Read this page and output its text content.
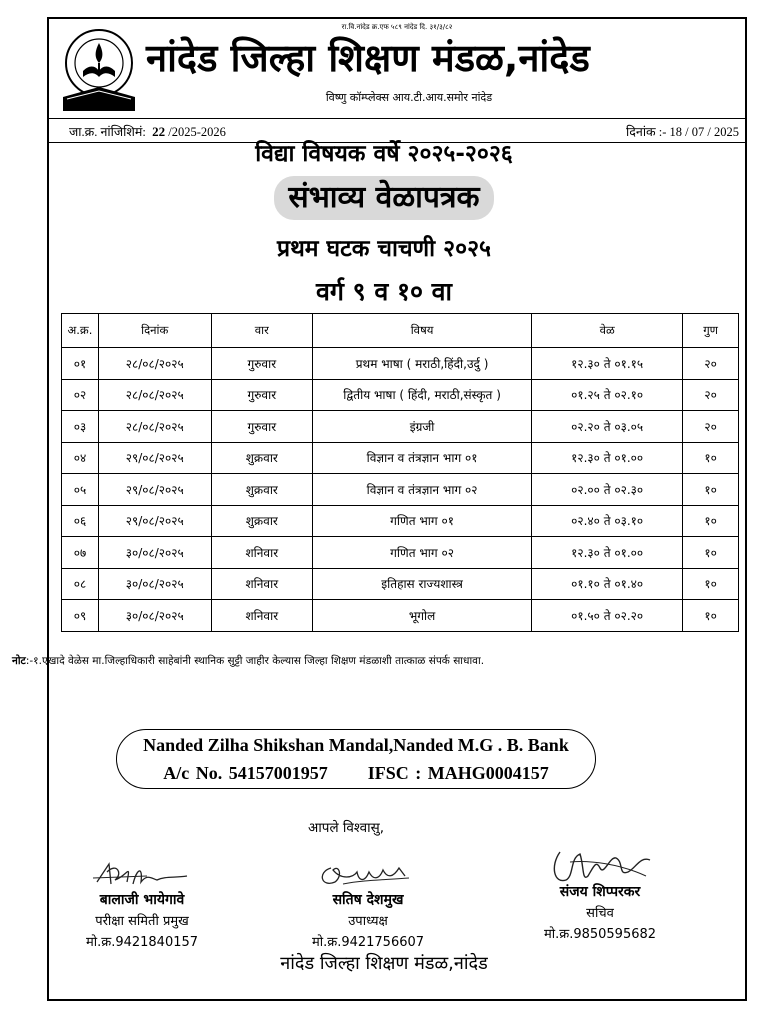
रा.वि.नांदेड क्र.एफ ५८९ नांदेड दि. ३१/३/८२
नांदेड जिल्हा शिक्षण मंडळ,नांदेड
विष्णु कॉम्प्लेक्स आय.टी.आय.समोर नांदेड
जा.क्र. नांजिशिमं: 22 /2025-2026	दिनांक :- 18 / 07 / 2025
विद्या विषयक वर्षे २०२५-२०२६
संभाव्य वेळापत्रक
प्रथम घटक चाचणी २०२५
वर्ग ९ व १० वा
अ.क्र.	दिनांक	वार	विषय	वेळ	गुण
०१	२८/०८/२०२५	गुरुवार	प्रथम भाषा ( मराठी,हिंदी,उर्दु )	१२.३० ते ०१.१५	२०
०२	२८/०८/२०२५	गुरुवार	द्वितीय भाषा ( हिंदी, मराठी,संस्कृत )	०१.२५ ते ०२.१०	२०
०३	२८/०८/२०२५	गुरुवार	इंग्रजी	०२.२० ते ०३.०५	२०
०४	२९/०८/२०२५	शुक्रवार	विज्ञान व तंत्रज्ञान भाग ०१	१२.३० ते ०१.००	१०
०५	२९/०८/२०२५	शुक्रवार	विज्ञान व तंत्रज्ञान भाग ०२	०२.०० ते ०२.३०	१०
०६	२९/०८/२०२५	शुक्रवार	गणित भाग ०१	०२.४० ते ०३.१०	१०
०७	३०/०८/२०२५	शनिवार	गणित भाग ०२	१२.३० ते ०१.००	१०
०८	३०/०८/२०२५	शनिवार	इतिहास राज्यशास्त्र	०१.१० ते ०१.४०	१०
०९	३०/०८/२०२५	शनिवार	भूगोल	०१.५० ते ०२.२०	१०
नोट:-१.एखादे वेळेस मा.जिल्हाधिकारी साहेबांनी स्थानिक सुट्टी जाहीर केल्यास जिल्हा शिक्षण मंडळाशी तात्काळ संपर्क साधावा.
Nanded Zilha Shikshan Mandal,Nanded M.G . B. Bank
A/c No. 54157001957 IFSC : MAHG0004157
आपले विश्वासु,
बालाजी भायेगावे
परीक्षा समिती प्रमुख
मो.क्र.9421840157
सतिष देशमुख
उपाध्यक्ष
मो.क्र.9421756607
संजय शिप्परकर
सचिव
मो.क्र.9850595682
नांदेड जिल्हा शिक्षण मंडळ,नांदेड
